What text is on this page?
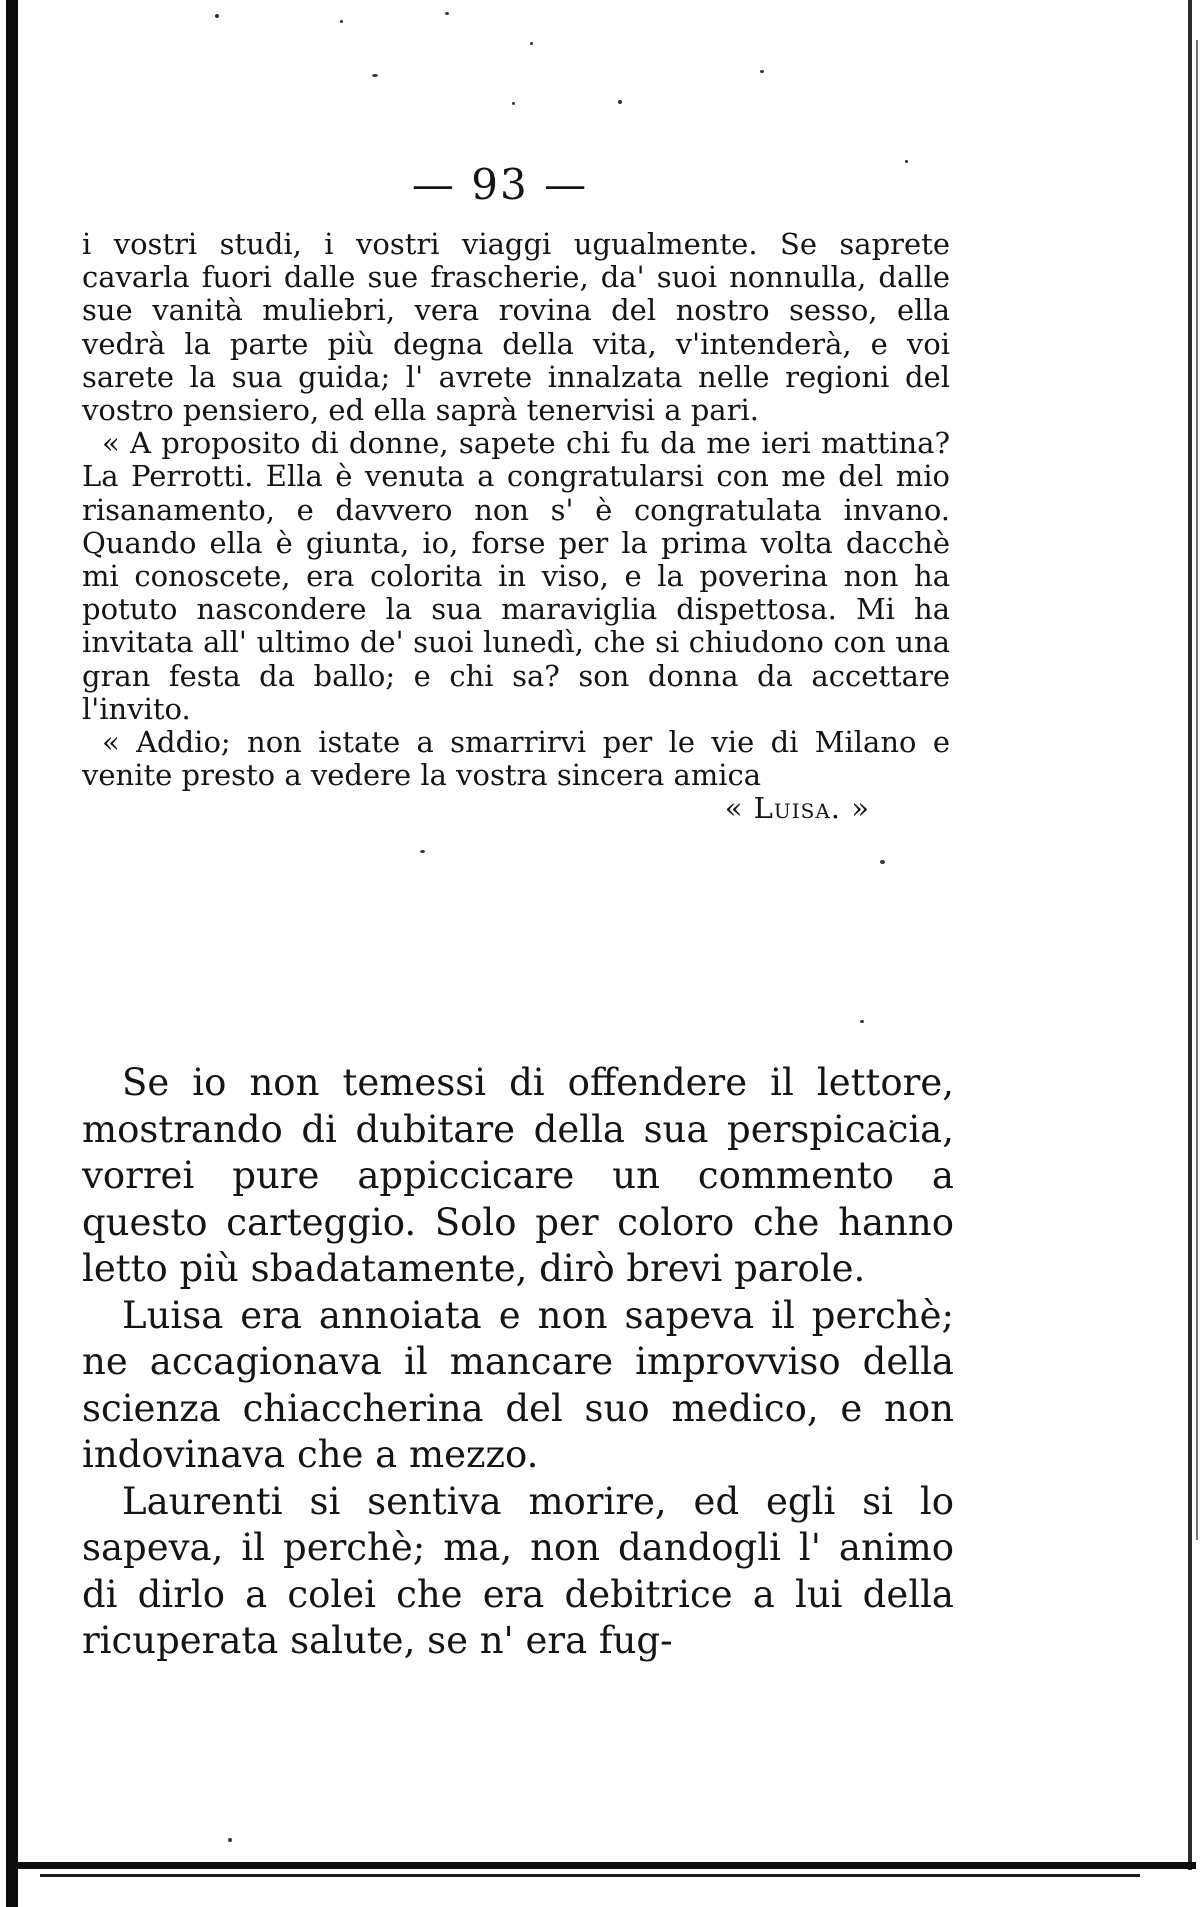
— 93 —

i vostri studi, i vostri viaggi ugualmente. Se saprete cavarla fuori dalle sue frascherie, da' suoi nonnulla, dalle sue vanità muliebri, vera rovina del nostro sesso, ella vedrà la parte più degna della vita, v'intenderà, e voi sarete la sua guida; l' avrete innalzata nelle regioni del vostro pensiero, ed ella saprà tenervisi a pari.

« A proposito di donne, sapete chi fu da me ieri mattina? La Perrotti. Ella è venuta a congratularsi con me del mio risanamento, e davvero non s' è congratulata invano. Quando ella è giunta, io, forse per la prima volta dacchè mi conoscete, era colorita in viso, e la poverina non ha potuto nascondere la sua maraviglia dispettosa. Mi ha invitata all' ultimo de' suoi lunedì, che si chiudono con una gran festa da ballo; e chi sa? son donna da accettare l'invito.

« Addio; non istate a smarrirvi per le vie di Milano e venite presto a vedere la vostra sincera amica

« Luisa. »

Se io non temessi di offendere il lettore, mostrando di dubitare della sua perspicacia, vorrei pure appiccicare un commento a questo carteggio. Solo per coloro che hanno letto più sbadatamente, dirò brevi parole.

Luisa era annoiata e non sapeva il perchè; ne accagionava il mancare improvviso della scienza chiaccherina del suo medico, e non indovinava che a mezzo.

Laurenti si sentiva morire, ed egli si lo sapeva, il perchè; ma, non dandogli l' animo di dirlo a colei che era debitrice a lui della ricuperata salute, se n' era fug-
